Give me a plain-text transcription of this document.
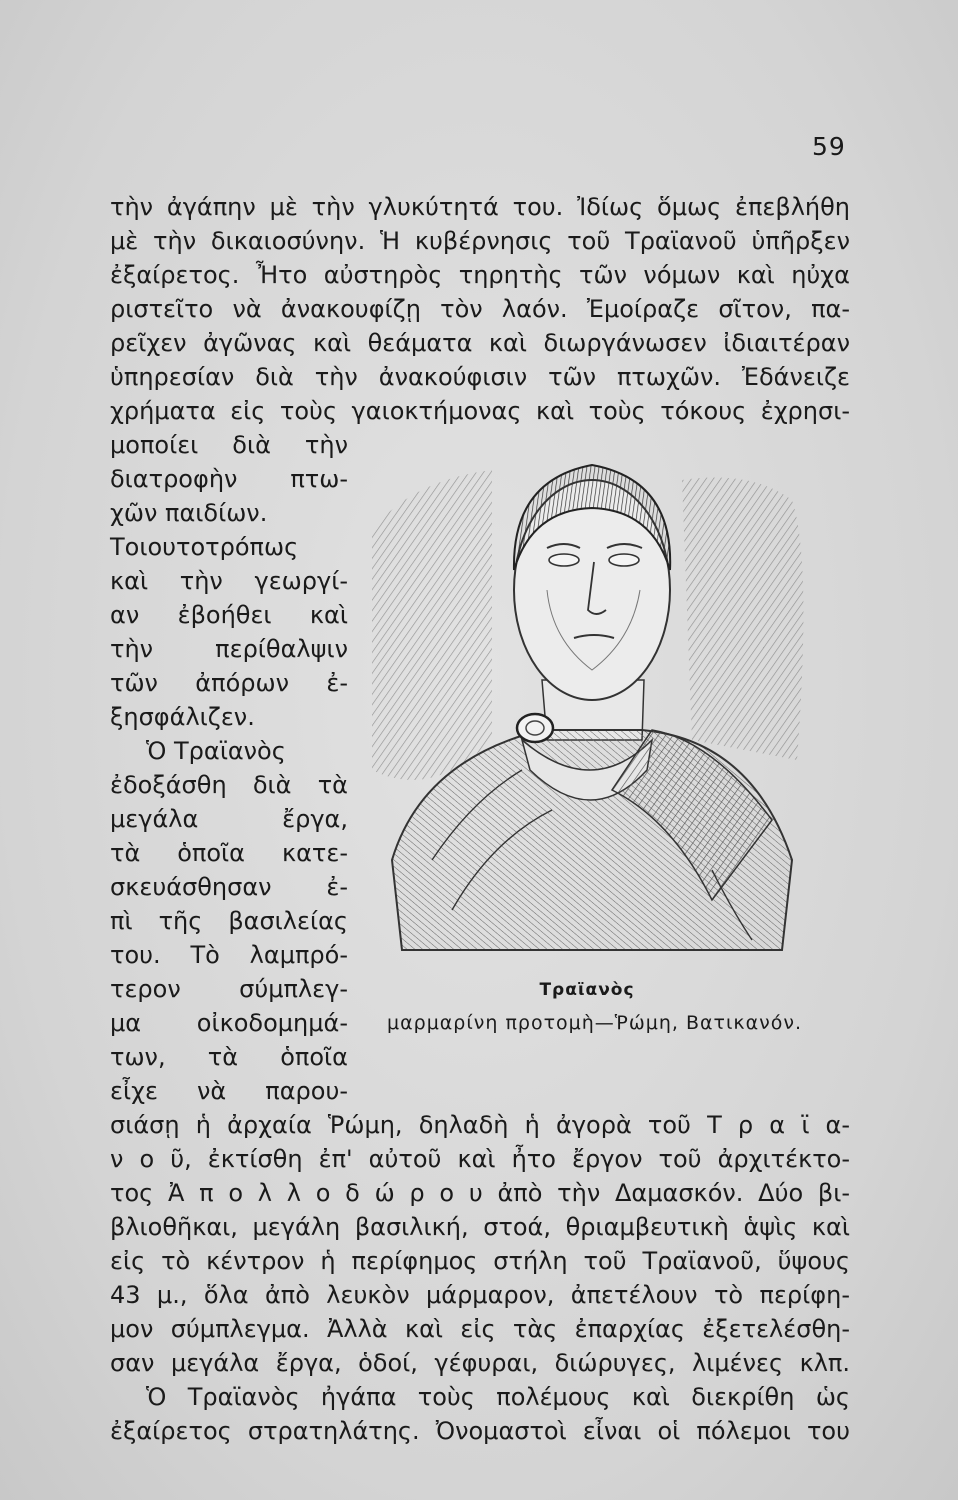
59
τὴν ἀγάπην μὲ τὴν γλυκύτητά του. Ἰδίως ὅμως ἐπεβλήθη
μὲ τὴν δικαιοσύνην. Ἡ κυβέρνησις τοῦ Τραϊανοῦ ὑπῆρξεν
ἐξαίρετος. Ἦτο αὐστηρὸς τηρητὴς τῶν νόμων καὶ ηὐχα
ριστεῖτο νὰ ἀνακουφίζῃ τὸν λαόν. Ἐμοίραζε σῖτον, πα-
ρεῖχεν ἀγῶνας καὶ θεάματα καὶ διωργάνωσεν ἰδιαιτέραν
ὑπηρεσίαν διὰ τὴν ἀνακούφισιν τῶν πτωχῶν. Ἐδάνειζε
χρήματα εἰς τοὺς γαιοκτήμονας καὶ τοὺς τόκους ἐχρησι-
μοποίει διὰ τὴν
διατροφὴν πτω-
χῶν παιδίων.
Τοιουτοτρόπως
καὶ τὴν γεωργί-
αν ἐβοήθει καὶ
τὴν περίθαλψιν
τῶν ἀπόρων ἐ-
ξησφάλιζεν.
Ὁ Τραϊανὸς
ἐδοξάσθη διὰ τὰ
μεγάλα ἔργα,
τὰ ὁποῖα κατε-
σκευάσθησαν ἐ-
πὶ τῆς βασιλείας
του. Τὸ λαμπρό-
τερον σύμπλεγ-
μα οἰκοδομημά-
των, τὰ ὁποῖα
εἶχε νὰ παρου-
Τραϊανὸς
μαρμαρίνη προτομὴ—Ῥώμη, Βατικανόν.
σιάσῃ ἡ ἀρχαία Ῥώμη, δηλαδὴ ἡ ἀγορὰ τοῦ Τ ρ α ϊ α-
ν ο ῦ, ἐκτίσθη ἐπ' αὐτοῦ καὶ ἦτο ἔργον τοῦ ἀρχιτέκτο-
τος Ἀ π ο λ λ ο δ ώ ρ ο υ ἀπὸ τὴν Δαμασκόν. Δύο βι-
βλιοθῆκαι, μεγάλη βασιλική, στοά, θριαμβευτικὴ ἁψὶς καὶ
εἰς τὸ κέντρον ἡ περίφημος στήλη τοῦ Τραϊανοῦ, ὕψους
43 μ., ὅλα ἀπὸ λευκὸν μάρμαρον, ἀπετέλουν τὸ περίφη-
μον σύμπλεγμα. Ἀλλὰ καὶ εἰς τὰς ἐπαρχίας ἐξετελέσθη-
σαν μεγάλα ἔργα, ὁδοί, γέφυραι, διώρυγες, λιμένες κλπ.
Ὁ Τραϊανὸς ἠγάπα τοὺς πολέμους καὶ διεκρίθη ὡς
ἐξαίρετος στρατηλάτης. Ὀνομαστοὶ εἶναι οἱ πόλεμοι του
